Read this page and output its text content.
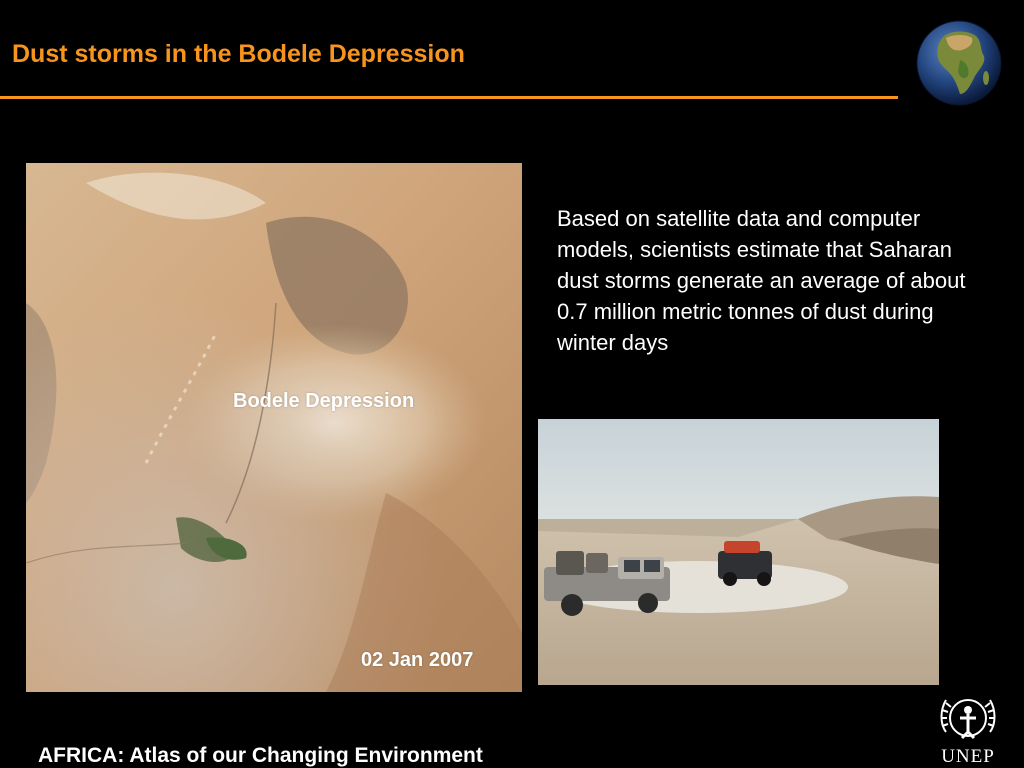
Dust storms in the Bodele Depression
Bodele Depression
02 Jan 2007
Based on satellite data and computer models, scientists estimate that Saharan dust storms generate an average of about 0.7 million metric tonnes of dust during winter days
AFRICA: Atlas of our Changing Environment	UNEP
